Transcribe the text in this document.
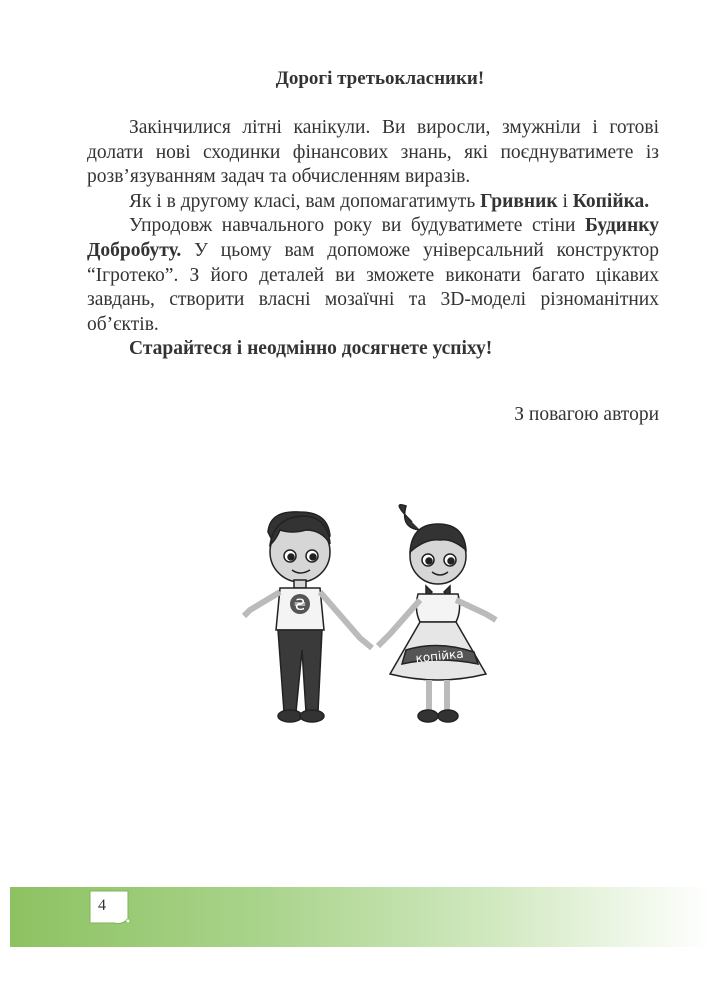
Дорогі третьокласники!

Закінчилися літні канікули. Ви виросли, змужніли і готові долати нові сходинки фінансових знань, які поєднуватимете із розв’язуванням задач та обчисленням виразів.

Як і в другому класі, вам допомагатимуть Гривник і Копійка.

Упродовж навчального року ви будуватимете стіни Будинку Добробуту. У цьому вам допоможе універсальний конструктор “Ігротеко”. З його деталей ви зможете виконати багато цікавих завдань, створити власні мозаїчні та 3D-моделі різноманітних об’єктів.

Старайтеся і неодмінно досягнете успіху!

З повагою автори
₴
копійка
4
